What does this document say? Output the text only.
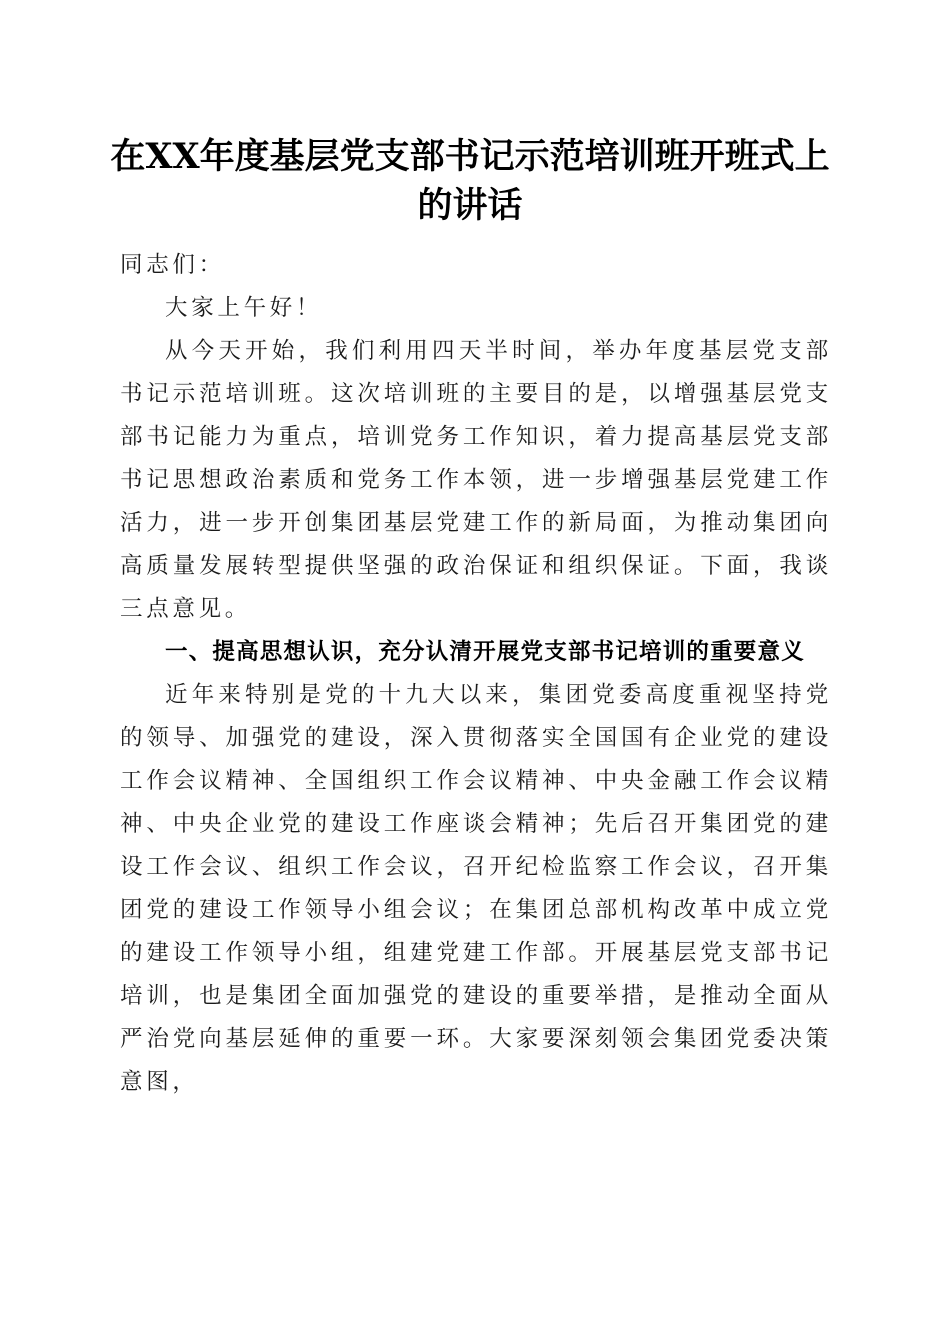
在XX年度基层党支部书记示范培训班开班式上的讲话

同志们：

大家上午好！

从今天开始，我们利用四天半时间，举办年度基层党支部书记示范培训班。这次培训班的主要目的是，以增强基层党支部书记能力为重点，培训党务工作知识，着力提高基层党支部书记思想政治素质和党务工作本领，进一步增强基层党建工作活力，进一步开创集团基层党建工作的新局面，为推动集团向高质量发展转型提供坚强的政治保证和组织保证。下面，我谈三点意见。

一、提高思想认识，充分认清开展党支部书记培训的重要意义

近年来特别是党的十九大以来，集团党委高度重视坚持党的领导、加强党的建设，深入贯彻落实全国国有企业党的建设工作会议精神、全国组织工作会议精神、中央金融工作会议精神、中央企业党的建设工作座谈会精神；先后召开集团党的建设工作会议、组织工作会议，召开纪检监察工作会议，召开集团党的建设工作领导小组会议；在集团总部机构改革中成立党的建设工作领导小组，组建党建工作部。开展基层党支部书记培训，也是集团全面加强党的建设的重要举措，是推动全面从严治党向基层延伸的重要一环。大家要深刻领会集团党委决策意图，
